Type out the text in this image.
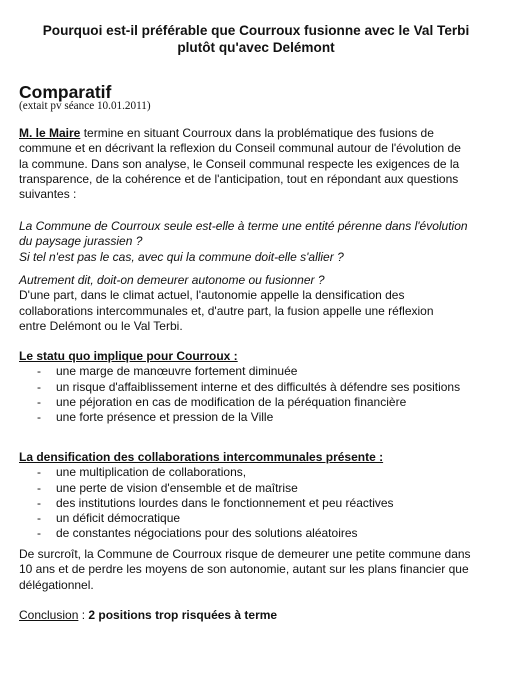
Pourquoi est-il préférable que Courroux fusionne avec le Val Terbi
plutôt qu'avec Delémont
Comparatif

(extait pv séance 10.01.2011)

M. le Maire termine en situant Courroux dans la problématique des fusions de

commune et en décrivant la reflexion du Conseil communal autour de l'évolution de

la commune. Dans son analyse, le Conseil communal respecte les exigences de la

transparence, de la cohérence et de l'anticipation, tout en répondant aux questions

suivantes :

La Commune de Courroux seule est-elle à terme une entité pérenne dans l'évolution

du paysage jurassien ?

Si tel n'est pas le cas, avec qui la commune doit-elle s'allier ?

Autrement dit, doit-on demeurer autonome ou fusionner ?

D'une part, dans le climat actuel, l'autonomie appelle la densification des

collaborations intercommunales et, d'autre part, la fusion appelle une réflexion

entre Delémont ou le Val Terbi.

Le statu quo implique pour Courroux :

- une marge de manœuvre fortement diminuée
- un risque d'affaiblissement interne et des difficultés à défendre ses positions
- une péjoration en cas de modification de la péréquation financière
- une forte présence et pression de la Ville

La densification des collaborations intercommunales présente :

- une multiplication de collaborations,
- une perte de vision d'ensemble et de maîtrise
- des institutions lourdes dans le fonctionnement et peu réactives
- un déficit démocratique
- de constantes négociations pour des solutions aléatoires

De surcroît, la Commune de Courroux risque de demeurer une petite commune dans

10 ans et de perdre les moyens de son autonomie, autant sur les plans financier que

délégationnel.

Conclusion : 2 positions trop risquées à terme
